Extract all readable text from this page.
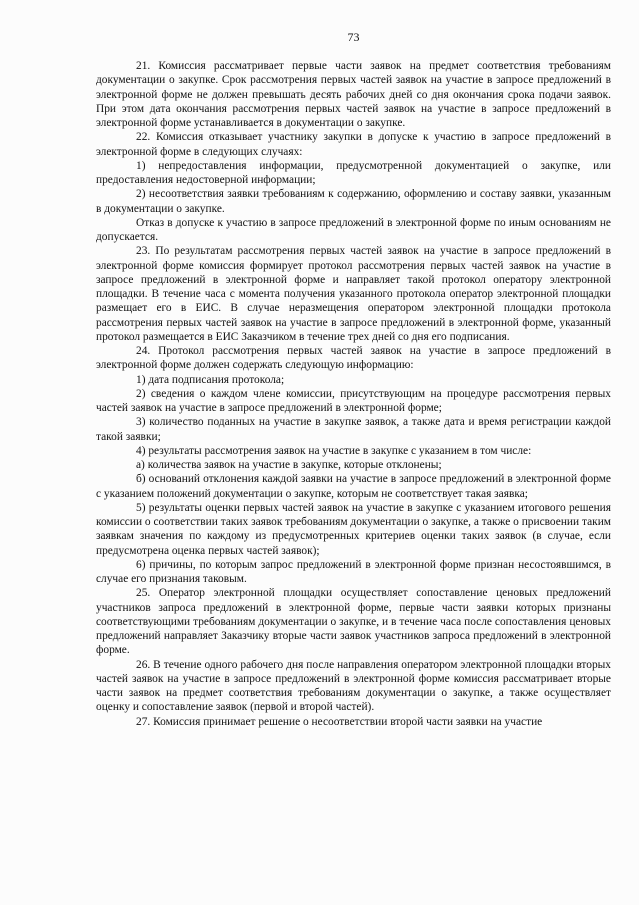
73

21. Комиссия рассматривает первые части заявок на предмет соответствия требованиям документации о закупке. Срок рассмотрения первых частей заявок на участие в запросе предложений в электронной форме не должен превышать десять рабочих дней со дня окончания срока подачи заявок. При этом дата окончания рассмотрения первых частей заявок на участие в запросе предложений в электронной форме устанавливается в документации о закупке.

22. Комиссия отказывает участнику закупки в допуске к участию в запросе предложений в электронной форме в следующих случаях:

1) непредоставления информации, предусмотренной документацией о закупке, или предоставления недостоверной информации;

2) несоответствия заявки требованиям к содержанию, оформлению и составу заявки, указанным в документации о закупке.

Отказ в допуске к участию в запросе предложений в электронной форме по иным основаниям не допускается.

23. По результатам рассмотрения первых частей заявок на участие в запросе предложений в электронной форме комиссия формирует протокол рассмотрения первых частей заявок на участие в запросе предложений в электронной форме и направляет такой протокол оператору электронной площадки. В течение часа с момента получения указанного протокола оператор электронной площадки размещает его в ЕИС. В случае неразмещения оператором электронной площадки протокола рассмотрения первых частей заявок на участие в запросе предложений в электронной форме, указанный протокол размещается в ЕИС Заказчиком в течение трех дней со дня его подписания.

24. Протокол рассмотрения первых частей заявок на участие в запросе предложений в электронной форме должен содержать следующую информацию:

1) дата подписания протокола;

2) сведения о каждом члене комиссии, присутствующим на процедуре рассмотрения первых частей заявок на участие в запросе предложений в электронной форме;

3) количество поданных на участие в закупке заявок, а также дата и время регистрации каждой такой заявки;

4) результаты рассмотрения заявок на участие в закупке с указанием в том числе:

а) количества заявок на участие в закупке, которые отклонены;

б) оснований отклонения каждой заявки на участие в запросе предложений в электронной форме с указанием положений документации о закупке, которым не соответствует такая заявка;

5) результаты оценки первых частей заявок на участие в закупке с указанием итогового решения комиссии о соответствии таких заявок требованиям документации о закупке, а также о присвоении таким заявкам значения по каждому из предусмотренных критериев оценки таких заявок (в случае, если предусмотрена оценка первых частей заявок);

6) причины, по которым запрос предложений в электронной форме признан несостоявшимся, в случае его признания таковым.

25. Оператор электронной площадки осуществляет сопоставление ценовых предложений участников запроса предложений в электронной форме, первые части заявки которых признаны соответствующими требованиям документации о закупке, и в течение часа после сопоставления ценовых предложений направляет Заказчику вторые части заявок участников запроса предложений в электронной форме.

26. В течение одного рабочего дня после направления оператором электронной площадки вторых частей заявок на участие в запросе предложений в электронной форме комиссия рассматривает вторые части заявок на предмет соответствия требованиям документации о закупке, а также осуществляет оценку и сопоставление заявок (первой и второй частей).

27. Комиссия принимает решение о несоответствии второй части заявки на участие
